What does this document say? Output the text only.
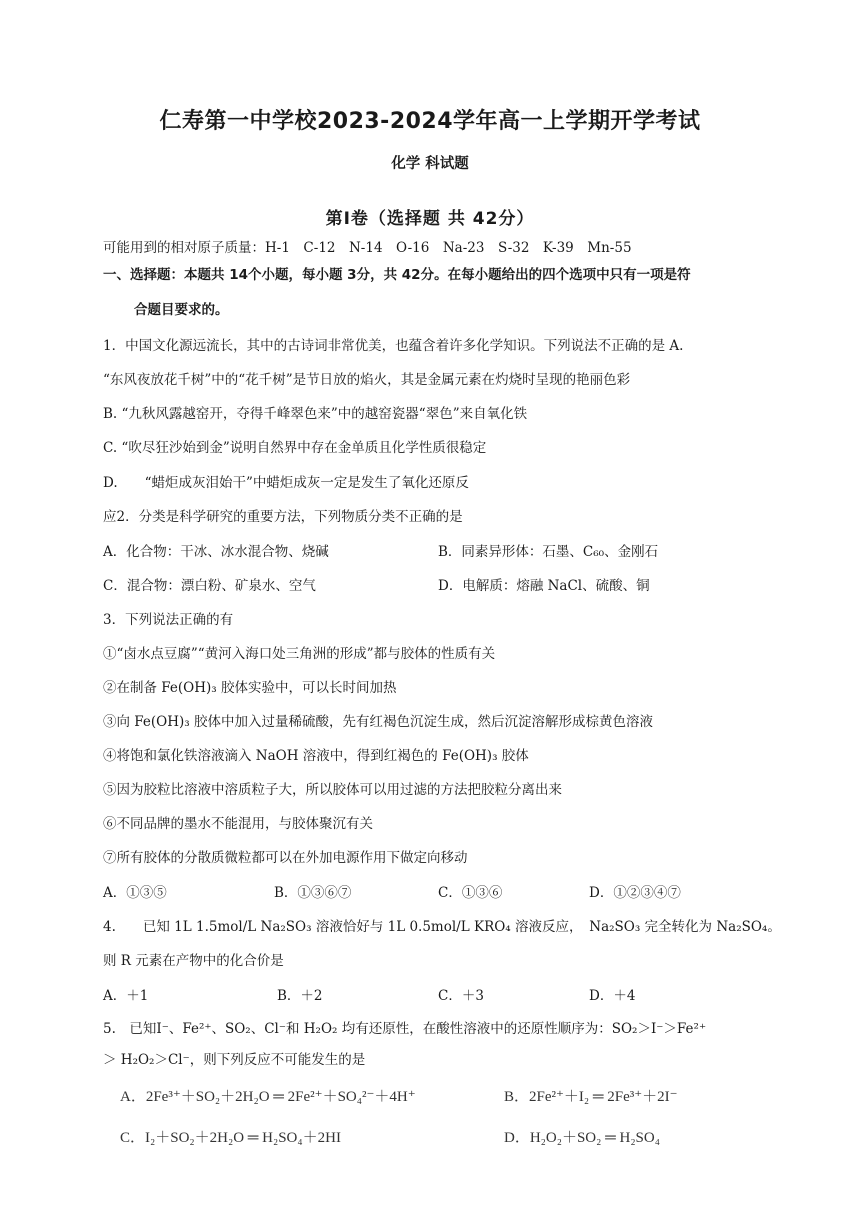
仁寿第一中学校2023-2024学年高一上学期开学考试
化学 科试题
第Ⅰ卷（选择题 共 42分）
可能用到的相对原子质量：H-1　C-12　N-14　O-16　Na-23　S-32　K-39　Mn-55
一、选择题：本题共 14个小题，每小题 3分，共 42分。在每小题给出的四个选项中只有一项是符
合题目要求的。
1．中国文化源远流长，其中的古诗词非常优美，也蕴含着许多化学知识。下列说法不正确的是 A.
“东风夜放花千树”中的“花千树”是节日放的焰火，其是金属元素在灼烧时呈现的艳丽色彩
B. “九秋风露越窑开，夺得千峰翠色来”中的越窑瓷器“翠色”来自氧化铁
C. “吹尽狂沙始到金”说明自然界中存在金单质且化学性质很稳定
D.　　“蜡炬成灰泪始干”中蜡炬成灰一定是发生了氧化还原反
应2．分类是科学研究的重要方法，下列物质分类不正确的是
A．化合物：干冰、冰水混合物、烧碱	B．同素异形体：石墨、C₆₀、金刚石
C．混合物：漂白粉、矿泉水、空气	D．电解质：熔融 NaCl、硫酸、铜
3．下列说法正确的有
①“卤水点豆腐”“黄河入海口处三角洲的形成”都与胶体的性质有关
②在制备 Fe(OH)₃ 胶体实验中，可以长时间加热
③向 Fe(OH)₃ 胶体中加入过量稀硫酸，先有红褐色沉淀生成，然后沉淀溶解形成棕黄色溶液
④将饱和氯化铁溶液滴入 NaOH 溶液中，得到红褐色的 Fe(OH)₃ 胶体
⑤因为胶粒比溶液中溶质粒子大，所以胶体可以用过滤的方法把胶粒分离出来
⑥不同品牌的墨水不能混用，与胶体聚沉有关
⑦所有胶体的分散质微粒都可以在外加电源作用下做定向移动
A．①③⑤	B．①③⑥⑦	C．①③⑥	D．①②③④⑦
4.　　已知 1L 1.5mol/L Na₂SO₃ 溶液恰好与 1L 0.5mol/L KRO₄ 溶液反应，　Na₂SO₃ 完全转化为 Na₂SO₄。
则 R 元素在产物中的化合价是
A．＋1	B．＋2	C．＋3	D．＋4
5.　已知I⁻、Fe²⁺、SO₂、Cl⁻和 H₂O₂ 均有还原性，在酸性溶液中的还原性顺序为：SO₂＞I⁻＞Fe²⁺
＞ H₂O₂＞Cl⁻，则下列反应不可能发生的是
A．2Fe³⁺＋SO₂＋2H₂O ═ 2Fe²⁺＋SO₄²⁻＋4H⁺	B．2Fe²⁺＋I₂ ═ 2Fe³⁺＋2I⁻
C．I₂＋SO₂＋2H₂O ═ H₂SO₄＋2HI	D．H₂O₂＋SO₂ ═ H₂SO₄
